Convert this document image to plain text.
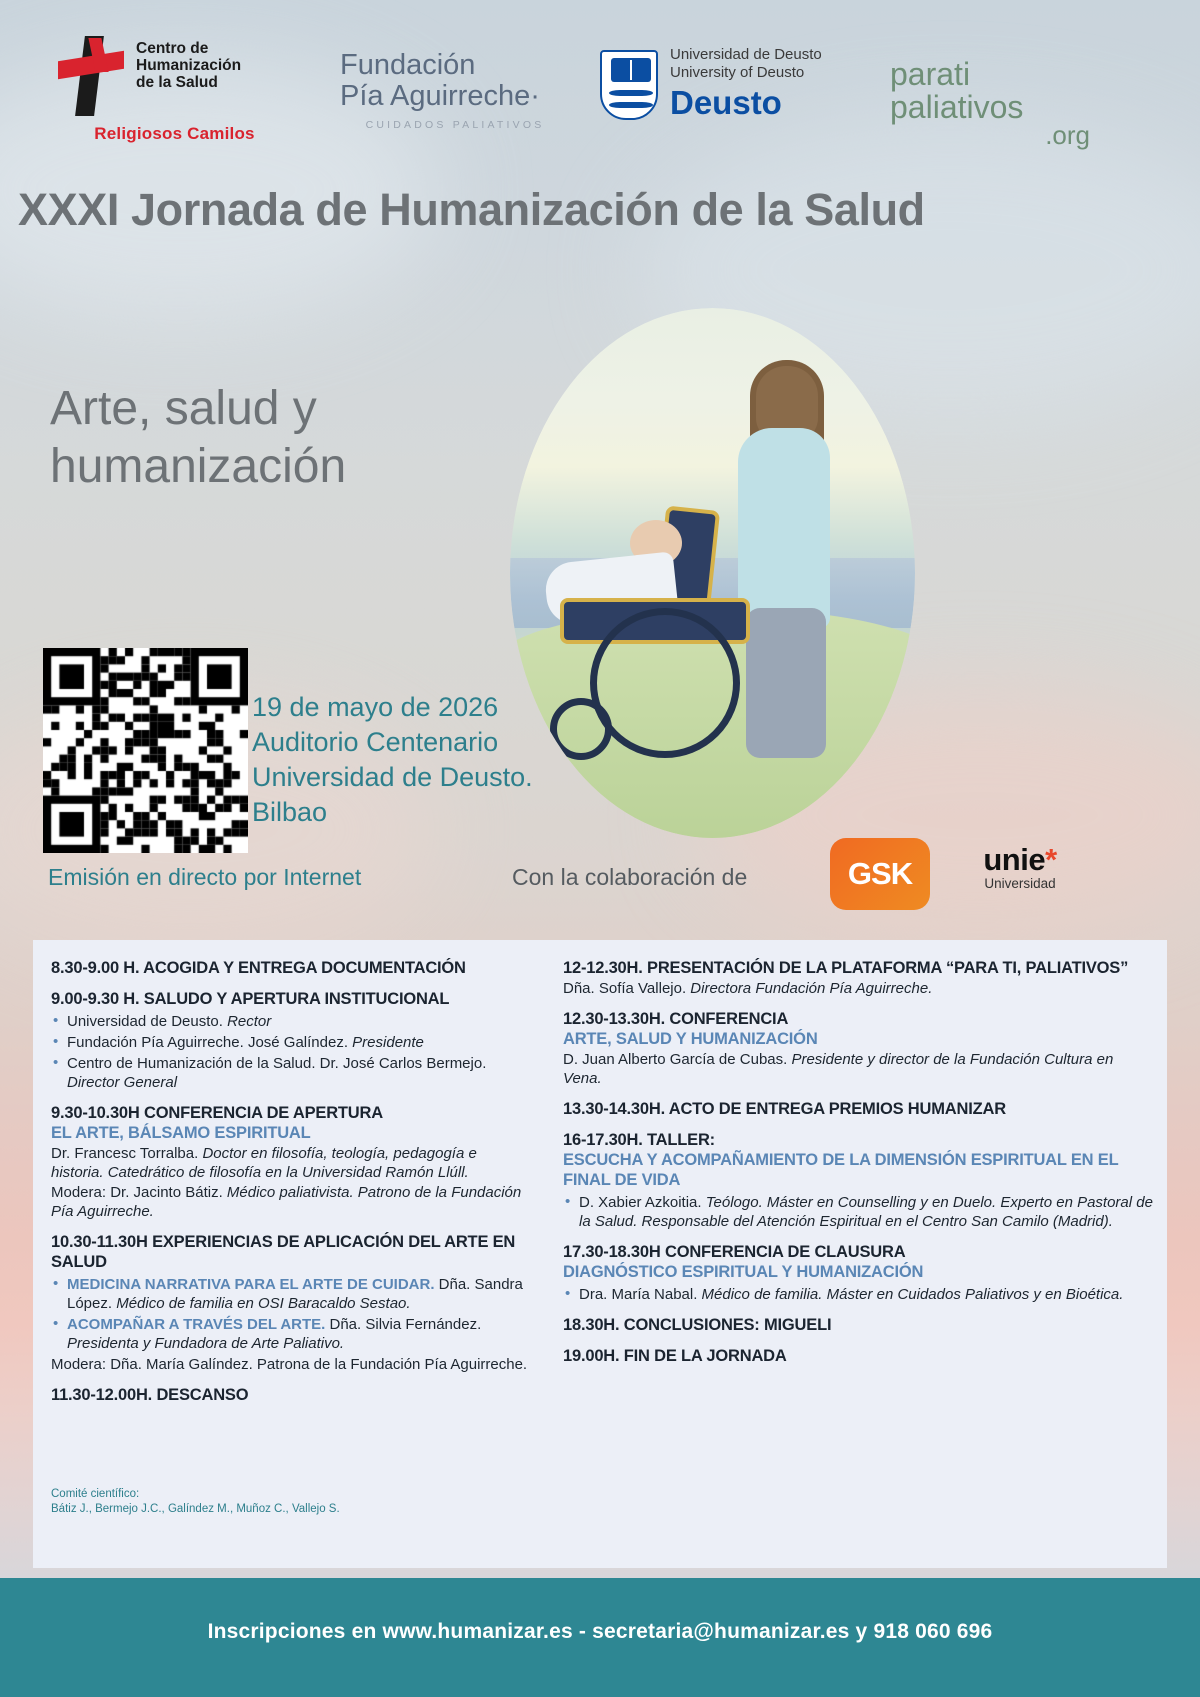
Centro de
Humanización
de la Salud
Religiosos Camilos
Fundación
Pía Aguirreche·
CUIDADOS PALIATIVOS
Universidad de Deusto
University of Deusto
Deusto
parati
paliativos
.org
XXXI Jornada de Humanización de la Salud
Arte, salud y humanización
19 de mayo de 2026
Auditorio Centenario
Universidad de Deusto.
Bilbao
Emisión en directo por Internet	Con la colaboración de	GSK	unie*
Universidad
8.30-9.00 H. ACOGIDA Y ENTREGA DOCUMENTACIÓN
9.00-9.30 H. SALUDO Y APERTURA INSTITUCIONAL
• Universidad de Deusto. Rector
• Fundación Pía Aguirreche. José Galíndez. Presidente
• Centro de Humanización de la Salud. Dr. José Carlos Bermejo. Director General
9.30-10.30H CONFERENCIA DE APERTURA
EL ARTE, BÁLSAMO ESPIRITUAL

Dr. Francesc Torralba. Doctor en filosofía, teología, pedagogía e historia. Catedrático de filosofía en la Universidad Ramón Llúll.

Modera: Dr. Jacinto Bátiz. Médico paliativista. Patrono de la Fundación Pía Aguirreche.

10.30-11.30H EXPERIENCIAS DE APLICACIÓN DEL ARTE EN SALUD
• MEDICINA NARRATIVA PARA EL ARTE DE CUIDAR. Dña. Sandra López. Médico de familia en OSI Baracaldo Sestao.
• ACOMPAÑAR A TRAVÉS DEL ARTE. Dña. Silvia Fernández. Presidenta y Fundadora de Arte Paliativo.

Modera: Dña. María Galíndez. Patrona de la Fundación Pía Aguirreche.

11.30-12.00H. DESCANSO
12-12.30H. PRESENTACIÓN DE LA PLATAFORMA “PARA TI, PALIATIVOS”

Dña. Sofía Vallejo. Directora Fundación Pía Aguirreche.

12.30-13.30H. CONFERENCIA
ARTE, SALUD Y HUMANIZACIÓN

D. Juan Alberto García de Cubas. Presidente y director de la Fundación Cultura en Vena.

13.30-14.30H. ACTO DE ENTREGA PREMIOS HUMANIZAR
16-17.30H. TALLER:
ESCUCHA Y ACOMPAÑAMIENTO DE LA DIMENSIÓN ESPIRITUAL EN EL FINAL DE VIDA
• D. Xabier Azkoitia. Teólogo. Máster en Counselling y en Duelo. Experto en Pastoral de la Salud. Responsable del Atención Espiritual en el Centro San Camilo (Madrid).
17.30-18.30H CONFERENCIA DE CLAUSURA
DIAGNÓSTICO ESPIRITUAL Y HUMANIZACIÓN
• Dra. María Nabal. Médico de familia. Máster en Cuidados Paliativos y en Bioética.
18.30H. CONCLUSIONES: MIGUELI
19.00H. FIN DE LA JORNADA
Comité científico:
Bátiz J., Bermejo J.C., Galíndez M., Muñoz C., Vallejo S.
Inscripciones en www.humanizar.es - secretaria@humanizar.es y 918 060 696
